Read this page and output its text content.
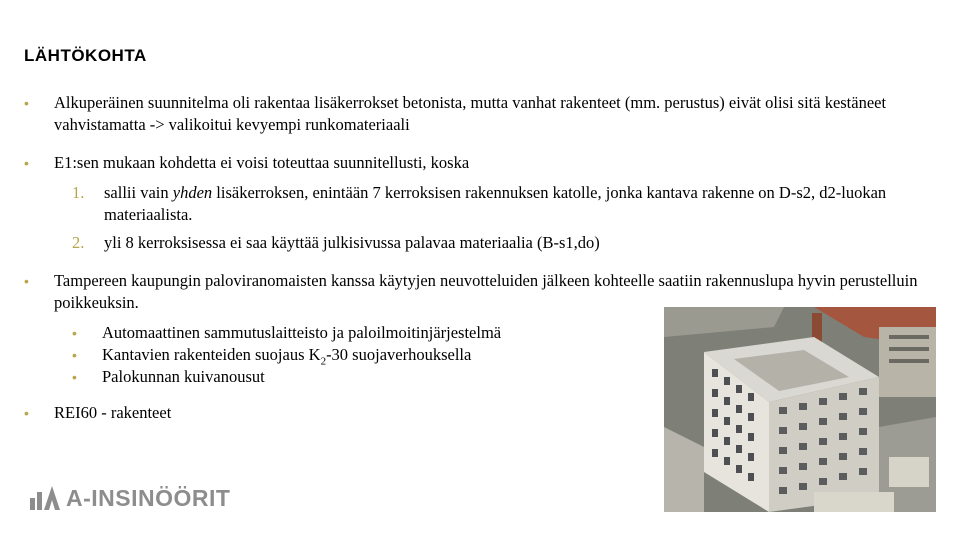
LÄHTÖKOHTA
•	Alkuperäinen suunnitelma oli rakentaa lisäkerrokset betonista, mutta vanhat rakenteet (mm. perustus) eivät olisi sitä kestäneet vahvistamatta -> valikoitui kevyempi runkomateriaali
•	E1:sen mukaan kohdetta ei voisi toteuttaa suunnitellusti, koska
1.	sallii vain yhden lisäkerroksen, enintään 7 kerroksisen rakennuksen katolle, jonka kantava rakenne on D-s2, d2-luokan materiaalista.
2.	yli 8 kerroksisessa ei saa käyttää julkisivussa palavaa materiaalia (B-s1,do)
•	Tampereen kaupungin paloviranomaisten kanssa käytyjen neuvotteluiden jälkeen kohteelle saatiin rakennuslupa hyvin perustelluin poikkeuksin.
•	Automaattinen sammutuslaitteisto ja paloilmoitinjärjestelmä
•	Kantavien rakenteiden suojaus $K_2-30$ suojaverhouksella
•	Palokunnan kuivanousut
•	REI60 - rakenteet
A-INSINÖÖRIT
